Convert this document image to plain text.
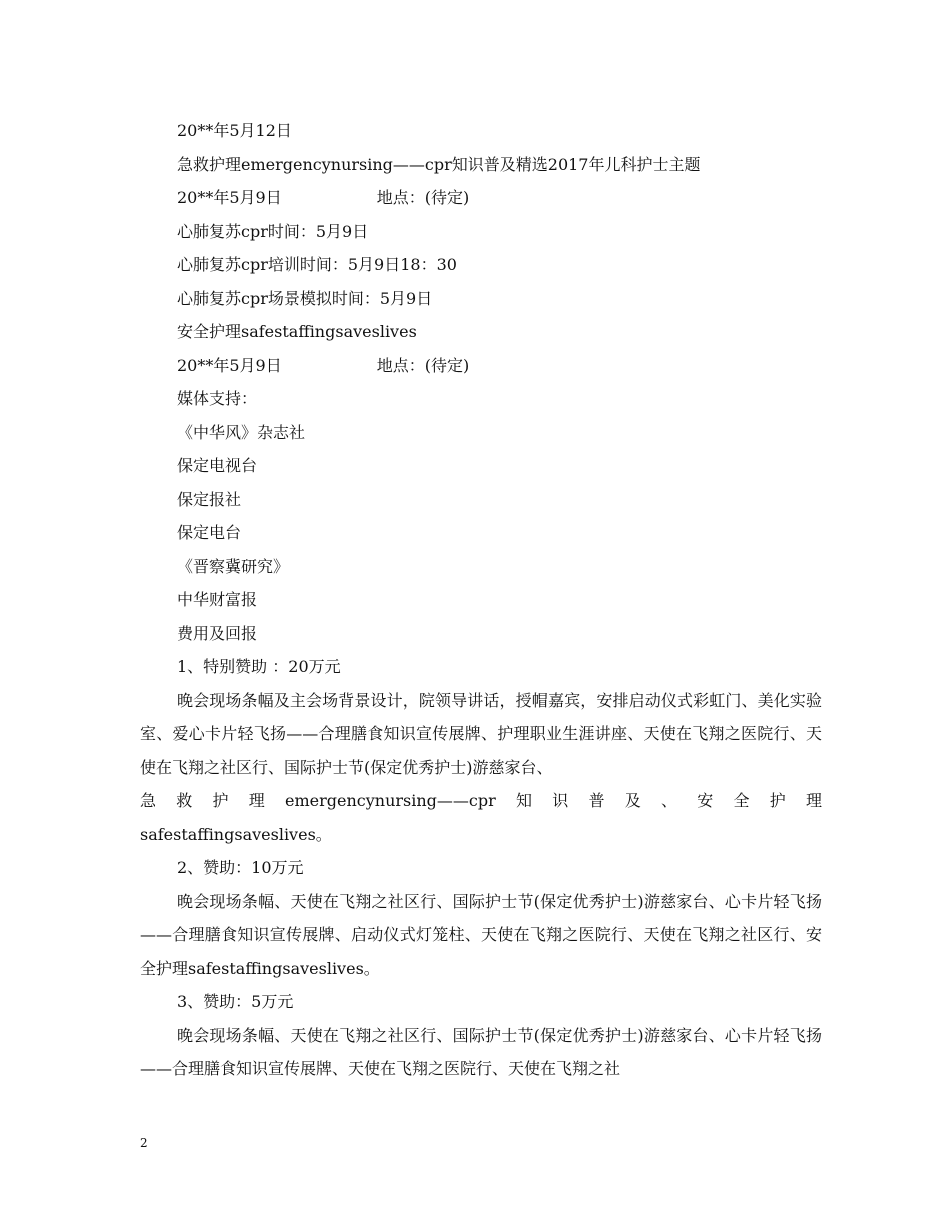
20**年5月12日
急救护理emergencynursing——cpr知识普及精选2017年儿科护士主题
20**年5月9日	地点：(待定)
心肺复苏cpr时间：5月9日
心肺复苏cpr培训时间：5月9日18：30
心肺复苏cpr场景模拟时间：5月9日
安全护理safestaffingsaveslives
20**年5月9日	地点：(待定)
媒体支持：
《中华风》杂志社
保定电视台
保定报社
保定电台
《晋察冀研究》
中华财富报
费用及回报
1、特别赞助 ：20万元
晚会现场条幅及主会场背景设计，院领导讲话，授帽嘉宾，安排启动仪式彩虹门、美化实验室、爱心卡片轻飞扬——合理膳食知识宣传展牌、护理职业生涯讲座、天使在飞翔之医院行、天使在飞翔之社区行、国际护士节(保定优秀护士)游慈家台、
急救护理emergencynursing——cpr知识普及、安全护理
safestaffingsaveslives。
2、赞助：10万元
晚会现场条幅、天使在飞翔之社区行、国际护士节(保定优秀护士)游慈家台、心卡片轻飞扬——合理膳食知识宣传展牌、启动仪式灯笼柱、天使在飞翔之医院行、天使在飞翔之社区行、安全护理safestaffingsaveslives。
3、赞助：5万元
晚会现场条幅、天使在飞翔之社区行、国际护士节(保定优秀护士)游慈家台、心卡片轻飞扬——合理膳食知识宣传展牌、天使在飞翔之医院行、天使在飞翔之社
2
